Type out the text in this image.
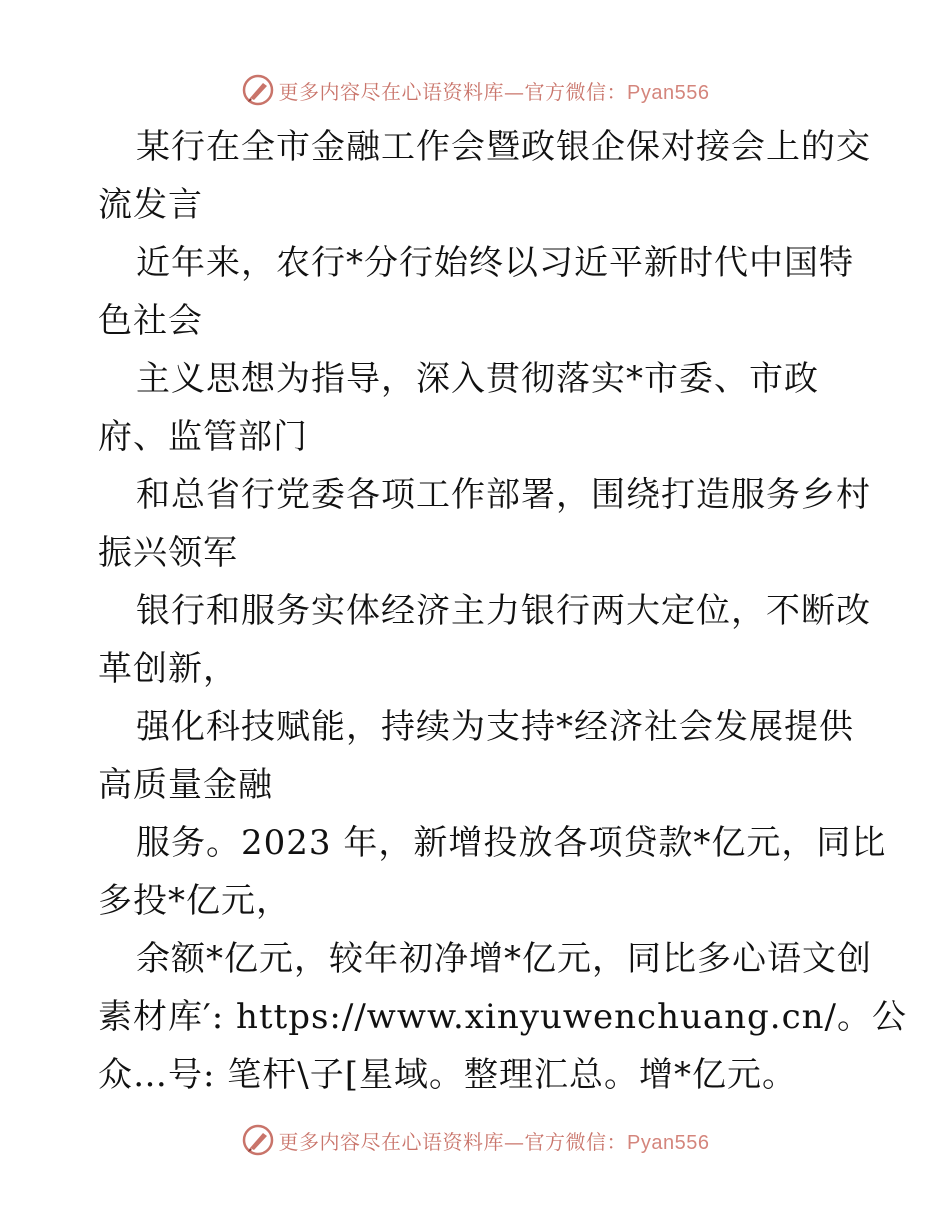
更多内容尽在心语资料库—官方微信：Pyan556
某行在全市金融工作会暨政银企保对接会上的交
流发言
近年来，农行*分行始终以习近平新时代中国特
色社会
主义思想为指导，深入贯彻落实*市委、市政
府、监管部门
和总省行党委各项工作部署，围绕打造服务乡村
振兴领军
银行和服务实体经济主力银行两大定位，不断改
革创新，
强化科技赋能，持续为支持*经济社会发展提供
高质量金融
服务。2023 年，新增投放各项贷款*亿元，同比
多投*亿元，
余额*亿元，较年初净增*亿元，同比多心语文创
素材库′: https://www.xinyuwenchuang.cn/。公
众…号: 笔杆\子[星域。整理汇总。增*亿元。
更多内容尽在心语资料库—官方微信：Pyan556
